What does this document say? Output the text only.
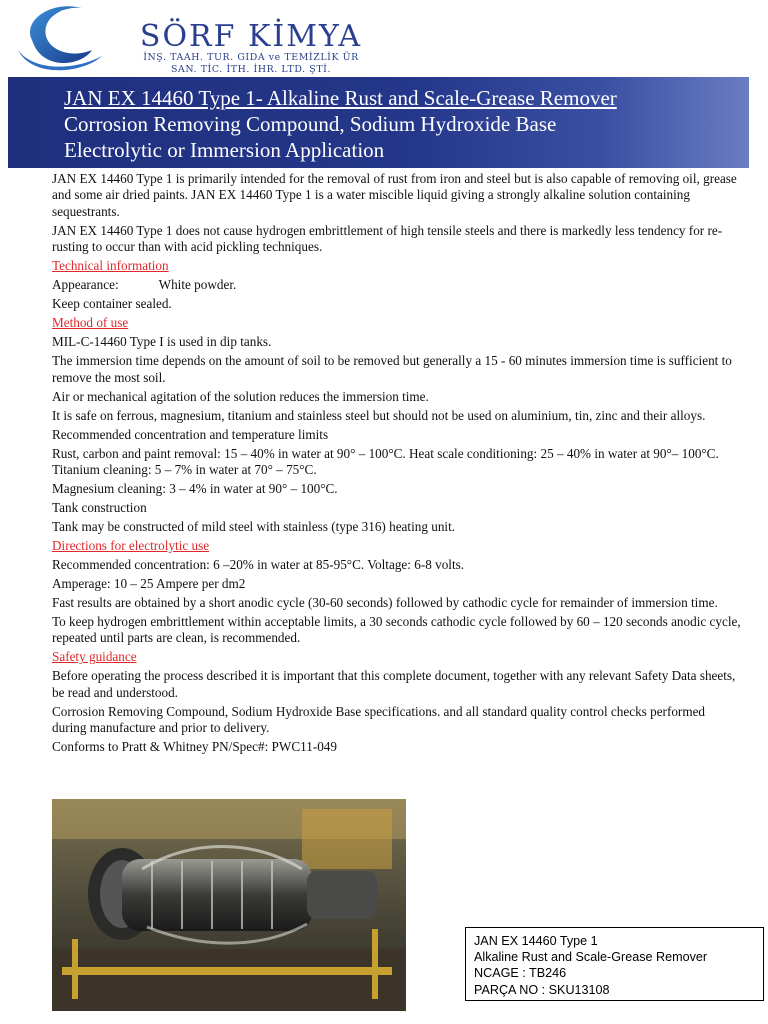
SÖRF KİMYA
İNŞ. TAAH. TUR. GIDA ve TEMİZLİK ÜR
SAN. TİC. İTH. İHR. LTD. ŞTİ.
JAN EX 14460 Type 1- Alkaline Rust and Scale-Grease Remover
Corrosion Removing Compound, Sodium Hydroxide Base
Electrolytic or Immersion Application

JAN EX 14460 Type 1 is primarily intended for the removal of rust from iron and steel but is also capable of removing oil, grease and some air dried paints. JAN EX 14460 Type 1 is a water miscible liquid giving a strongly alkaline solution containing sequestrants.

JAN EX 14460 Type 1 does not cause hydrogen embrittlement of high tensile steels and there is markedly less tendency for re-rusting to occur than with acid pickling techniques.

Technical information

Appearance:	White powder.

Keep container sealed.

Method of use

MIL-C-14460 Type I is used in dip tanks.

The immersion time depends on the amount of soil to be removed but generally a 15 - 60 minutes immersion time is sufficient to remove the most soil.

Air or mechanical agitation of the solution reduces the immersion time.

It is safe on ferrous, magnesium, titanium and stainless steel but should not be used on aluminium, tin, zinc and their alloys.

Recommended concentration and temperature limits

Rust, carbon and paint removal: 15 – 40% in water at 90° – 100°C. Heat scale conditioning: 25 – 40% in water at 90°– 100°C. Titanium cleaning: 5 – 7% in water at 70° – 75°C.

Magnesium cleaning: 3 – 4% in water at 90° – 100°C.

Tank construction

Tank may be constructed of mild steel with stainless (type 316) heating unit.

Directions for electrolytic use

Recommended concentration: 6 –20% in water at 85-95°C. Voltage: 6-8 volts.

Amperage: 10 – 25 Ampere per dm2

Fast results are obtained by a short anodic cycle (30-60 seconds) followed by cathodic cycle for remainder of immersion time.

To keep hydrogen embrittlement within acceptable limits, a 30 seconds cathodic cycle followed by 60 – 120 seconds anodic cycle, repeated until parts are clean, is recommended.

Safety guidance

Before operating the process described it is important that this complete document, together with any relevant Safety Data sheets, be read and understood.

Corrosion Removing Compound, Sodium Hydroxide Base specifications. and all standard quality control checks performed during manufacture and prior to delivery.

Conforms to Pratt & Whitney PN/Spec#: PWC11-049

JAN EX 14460 Type 1
Alkaline Rust and Scale-Grease Remover
NCAGE : TB246
PARÇA NO : SKU13108
